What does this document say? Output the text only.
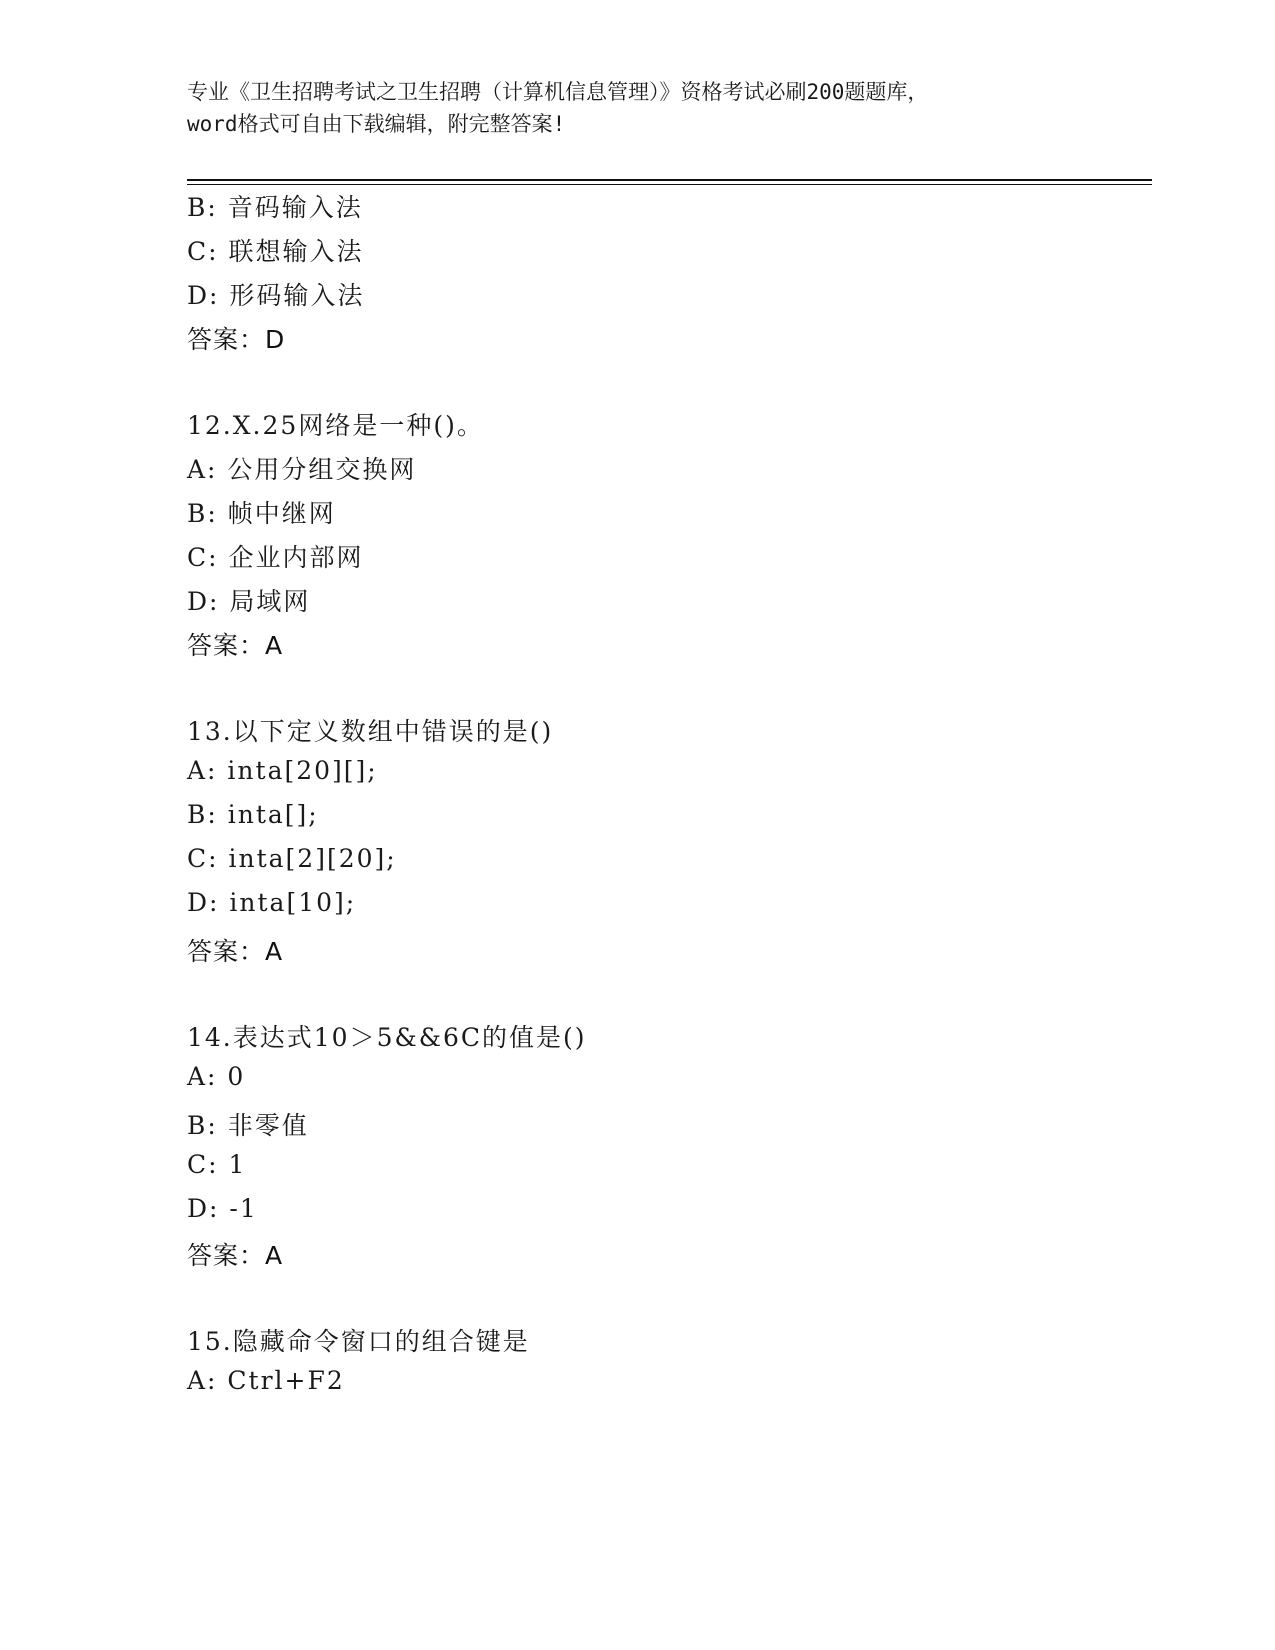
专业《卫生招聘考试之卫生招聘（计算机信息管理）》资格考试必刷200题题库，
word格式可自由下载编辑，附完整答案!
B: 音码输入法
C: 联想输入法
D: 形码输入法
答案：D
12.X.25网络是一种()。
A: 公用分组交换网
B: 帧中继网
C: 企业内部网
D: 局域网
答案：A
13.以下定义数组中错误的是()
A: inta[20][];
B: inta[];
C: inta[2][20];
D: inta[10];
答案：A
14.表达式10＞5&&6C的值是()
A: 0
B: 非零值
C: 1
D: -1
答案：A
15.隐藏命令窗口的组合键是
A: Ctrl+F2
